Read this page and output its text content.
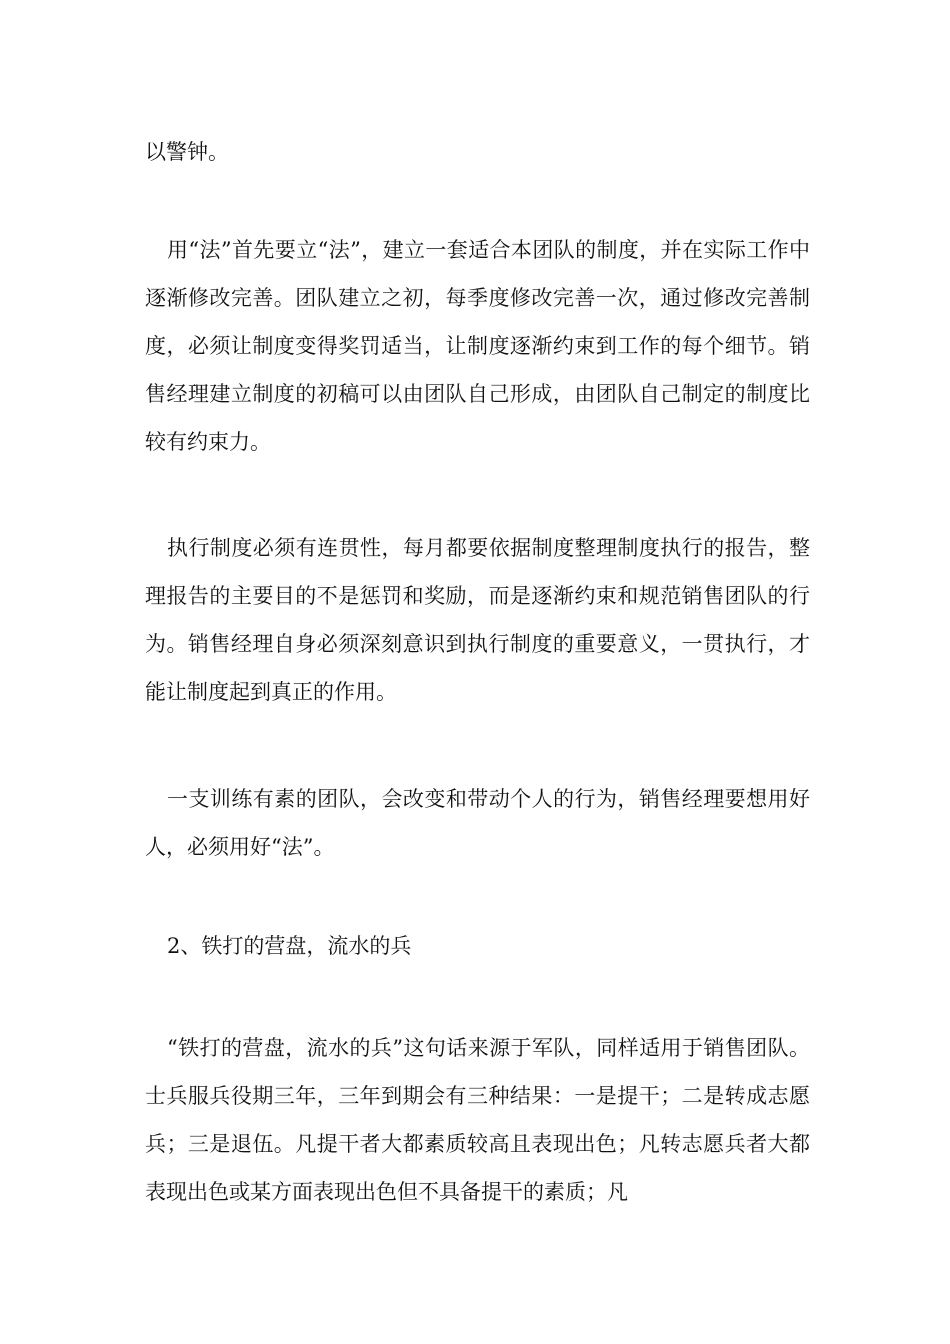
以警钟。

用“法”首先要立“法”，建立一套适合本团队的制度，并在实际工作中逐渐修改完善。团队建立之初，每季度修改完善一次，通过修改完善制度，必须让制度变得奖罚适当，让制度逐渐约束到工作的每个细节。销售经理建立制度的初稿可以由团队自己形成，由团队自己制定的制度比较有约束力。

执行制度必须有连贯性，每月都要依据制度整理制度执行的报告，整理报告的主要目的不是惩罚和奖励，而是逐渐约束和规范销售团队的行为。销售经理自身必须深刻意识到执行制度的重要意义，一贯执行，才能让制度起到真正的作用。

一支训练有素的团队，会改变和带动个人的行为，销售经理要想用好人，必须用好“法”。

2、铁打的营盘，流水的兵

“铁打的营盘，流水的兵”这句话来源于军队，同样适用于销售团队。士兵服兵役期三年，三年到期会有三种结果：一是提干；二是转成志愿兵；三是退伍。凡提干者大都素质较高且表现出色；凡转志愿兵者大都表现出色或某方面表现出色但不具备提干的素质；凡
